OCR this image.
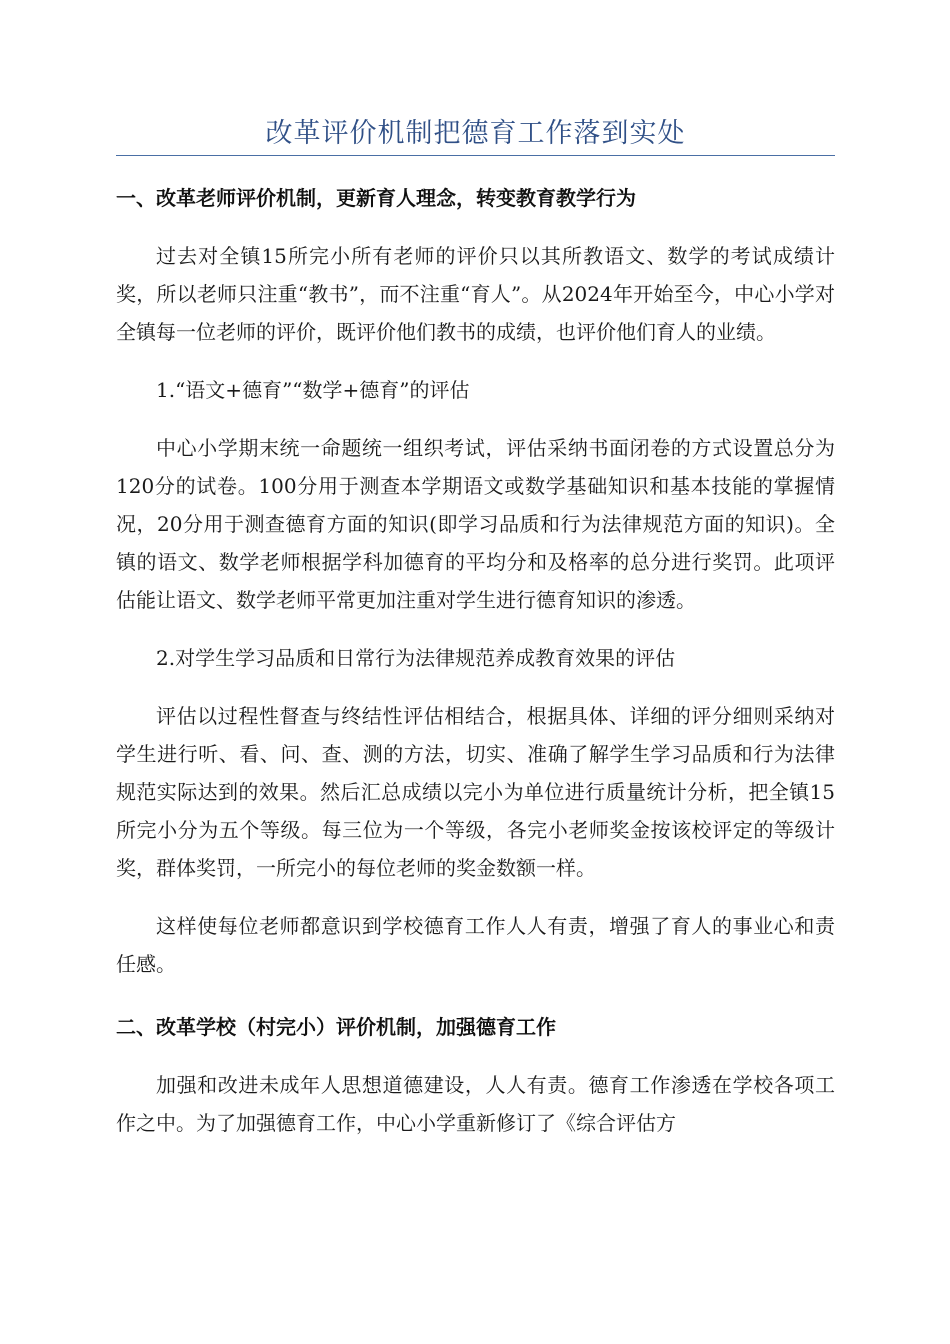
改革评价机制把德育工作落到实处

一、改革老师评价机制，更新育人理念，转变教育教学行为

过去对全镇15所完小所有老师的评价只以其所教语文、数学的考试成绩计奖，所以老师只注重“教书”，而不注重“育人”。从2024年开始至今，中心小学对全镇每一位老师的评价，既评价他们教书的成绩，也评价他们育人的业绩。

1.“语文+德育”“数学+德育”的评估

中心小学期末统一命题统一组织考试，评估采纳书面闭卷的方式设置总分为120分的试卷。100分用于测查本学期语文或数学基础知识和基本技能的掌握情况，20分用于测查德育方面的知识(即学习品质和行为法律规范方面的知识)。全镇的语文、数学老师根据学科加德育的平均分和及格率的总分进行奖罚。此项评估能让语文、数学老师平常更加注重对学生进行德育知识的渗透。

2.对学生学习品质和日常行为法律规范养成教育效果的评估

评估以过程性督查与终结性评估相结合，根据具体、详细的评分细则采纳对学生进行听、看、问、查、测的方法，切实、准确了解学生学习品质和行为法律规范实际达到的效果。然后汇总成绩以完小为单位进行质量统计分析，把全镇15所完小分为五个等级。每三位为一个等级，各完小老师奖金按该校评定的等级计奖，群体奖罚，一所完小的每位老师的奖金数额一样。

这样使每位老师都意识到学校德育工作人人有责，增强了育人的事业心和责任感。

二、改革学校（村完小）评价机制，加强德育工作

加强和改进未成年人思想道德建设，人人有责。德育工作渗透在学校各项工作之中。为了加强德育工作，中心小学重新修订了《综合评估方
